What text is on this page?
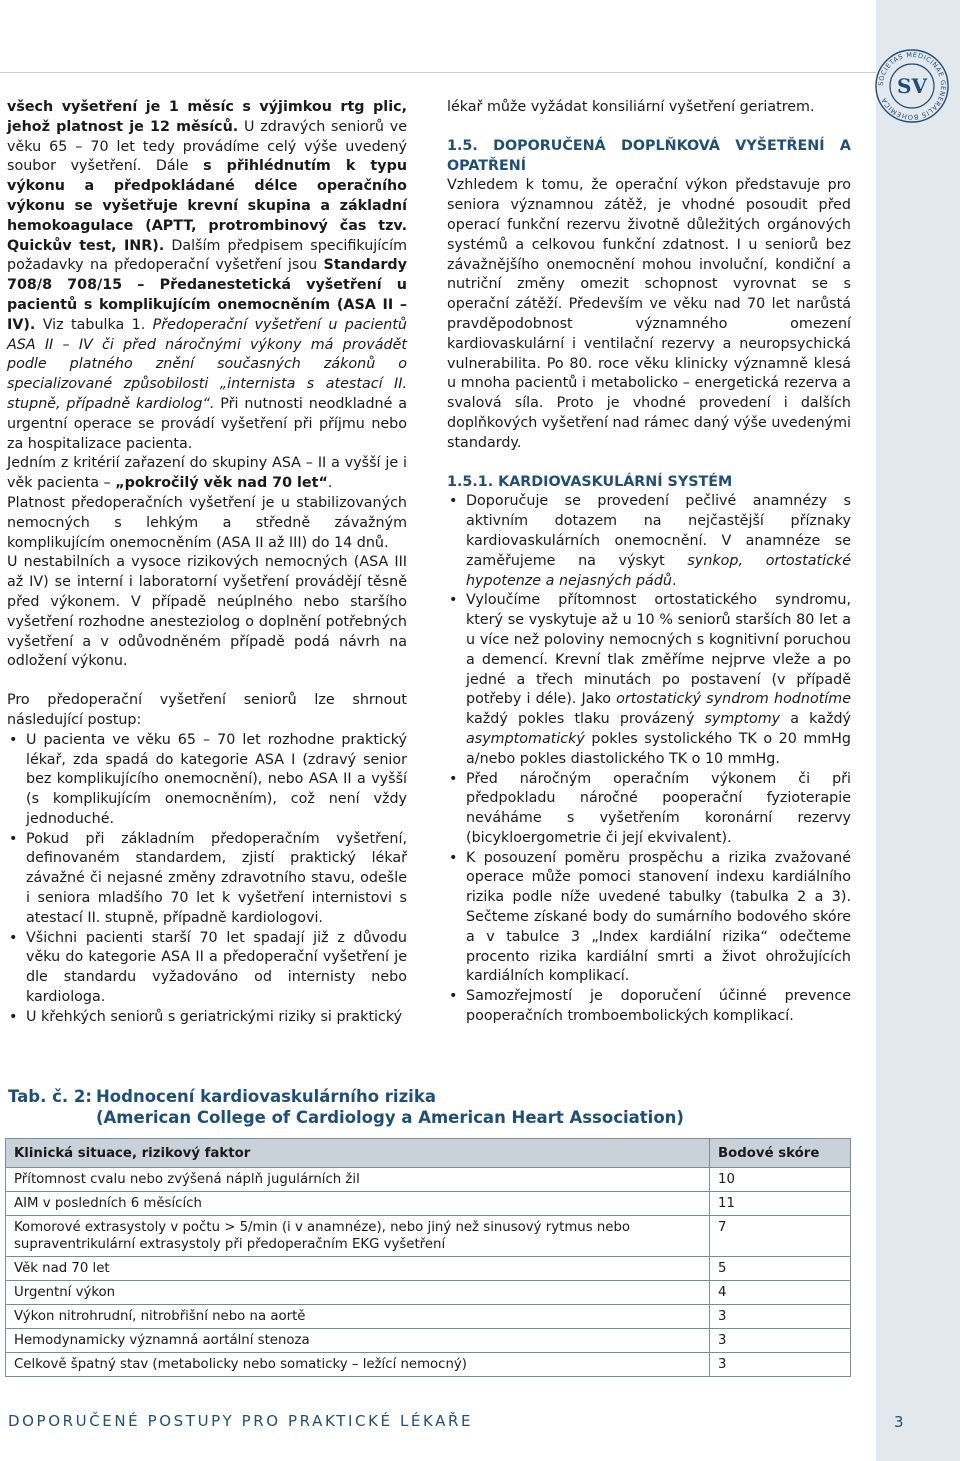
SOCIETAS MEDICINAE GENERALIS BOHEMICA
SV

všech vyšetření je 1 měsíc s výjimkou rtg plic, jehož platnost je 12 měsíců. U zdravých seniorů ve věku 65 – 70 let tedy provádíme celý výše uvedený soubor vyšetření. Dále s přihlédnutím k typu výkonu a předpokládané délce operačního výkonu se vyšetřuje krevní skupina a základní hemokoagulace (APTT, protrombinový čas tzv. Quickův test, INR). Dalším předpisem specifikujícím požadavky na předoperační vyšetření jsou Standardy 708/8 708/15 – Předanestetická vyšetření u pacientů s komplikujícím onemocněním (ASA II – IV). Viz tabulka 1. Předoperační vyšetření u pacientů ASA II – IV či před náročnými výkony má provádět podle platného znění současných zákonů o specializované způsobilosti „internista s atestací II. stupně, případně kardiolog“. Při nutnosti neodkladné a urgentní operace se provádí vyšetření při příjmu nebo za hospitalizace pacienta.

Jedním z kritérií zařazení do skupiny ASA – II a vyšší je i věk pacienta – „pokročilý věk nad 70 let“.

Platnost předoperačních vyšetření je u stabilizovaných nemocných s lehkým a středně závažným komplikujícím onemocněním (ASA II až III) do 14 dnů.

U nestabilních a vysoce rizikových nemocných (ASA III až IV) se interní i laboratorní vyšetření provádějí těsně před výkonem. V případě neúplného nebo staršího vyšetření rozhodne anesteziolog o doplnění potřebných vyšetření a v odůvodněném případě podá návrh na odložení výkonu.

Pro předoperační vyšetření seniorů lze shrnout následující postup:

• U pacienta ve věku 65 – 70 let rozhodne praktický lékař, zda spadá do kategorie ASA I (zdravý senior bez komplikujícího onemocnění), nebo ASA II a vyšší (s komplikujícím onemocněním), což není vždy jednoduché.
• Pokud při základním předoperačním vyšetření, definovaném standardem, zjistí praktický lékař závažné či nejasné změny zdravotního stavu, odešle i seniora mladšího 70 let k vyšetření internistovi s atestací II. stupně, případně kardiologovi.
• Všichni pacienti starší 70 let spadají již z důvodu věku do kategorie ASA II a předoperační vyšetření je dle standardu vyžadováno od internisty nebo kardiologa.
• U křehkých seniorů s geriatrickými riziky si praktický

lékař může vyžádat konsiliární vyšetření geriatrem.

1.5. DOPORUČENÁ DOPLŇKOVÁ VYŠETŘENÍ A OPATŘENÍ

Vzhledem k tomu, že operační výkon představuje pro seniora významnou zátěž, je vhodné posoudit před operací funkční rezervu životně důležitých orgánových systémů a celkovou funkční zdatnost. I u seniorů bez závažnějšího onemocnění mohou involuční, kondiční a nutriční změny omezit schopnost vyrovnat se s operační zátěží. Především ve věku nad 70 let narůstá pravděpodobnost významného omezení kardiovaskulární i ventilační rezervy a neuropsychická vulnerabilita. Po 80. roce věku klinicky významně klesá u mnoha pacientů i metabolicko – energetická rezerva a svalová síla. Proto je vhodné provedení i dalších doplňkových vyšetření nad rámec daný výše uvedenými standardy.

1.5.1. KARDIOVASKULÁRNÍ SYSTÉM

• Doporučuje se provedení pečlivé anamnézy s aktivním dotazem na nejčastější příznaky kardiovaskulárních onemocnění. V anamnéze se zaměřujeme na výskyt synkop, ortostatické hypotenze a nejasných pádů.
• Vyloučíme přítomnost ortostatického syndromu, který se vyskytuje až u 10 % seniorů starších 80 let a u více než poloviny nemocných s kognitivní poruchou a demencí. Krevní tlak změříme nejprve vleže a po jedné a třech minutách po postavení (v případě potřeby i déle). Jako ortostatický syndrom hodnotíme každý pokles tlaku provázený symptomy a každý asymptomatický pokles systolického TK o 20 mmHg a/nebo pokles diastolického TK o 10 mmHg.
• Před náročným operačním výkonem či při předpokladu náročné pooperační fyzioterapie neváháme s vyšetřením koronární rezervy (bicykloergometrie či její ekvivalent).
• K posouzení poměru prospěchu a rizika zvažované operace může pomoci stanovení indexu kardiálního rizika podle níže uvedené tabulky (tabulka 2 a 3). Sečteme získané body do sumárního bodového skóre a v tabulce 3 „Index kardiální rizika“ odečteme procento rizika kardiální smrti a život ohrožujících kardiálních komplikací.
• Samozřejmostí je doporučení účinné prevence pooperačních tromboembolických komplikací.
Tab. č. 2: Hodnocení kardiovaskulárního rizika
(American College of Cardiology a American Heart Association)
Klinická situace, rizikový faktor	Bodové skóre
Přítomnost cvalu nebo zvýšená náplň jugulárních žil	10
AIM v posledních 6 měsících	11
Komorové extrasystoly v počtu > 5/min (i v anamnéze), nebo jiný než sinusový rytmus nebo supraventrikulární extrasystoly při předoperačním EKG vyšetření	7
Věk nad 70 let	5
Urgentní výkon	4
Výkon nitrohrudní, nitrobřišní nebo na aortě	3
Hemodynamicky významná aortální stenoza	3
Celkově špatný stav (metabolicky nebo somaticky – ležící nemocný)	3
DOPORUČENÉ POSTUPY PRO PRAKTICKÉ LÉKAŘE	3
